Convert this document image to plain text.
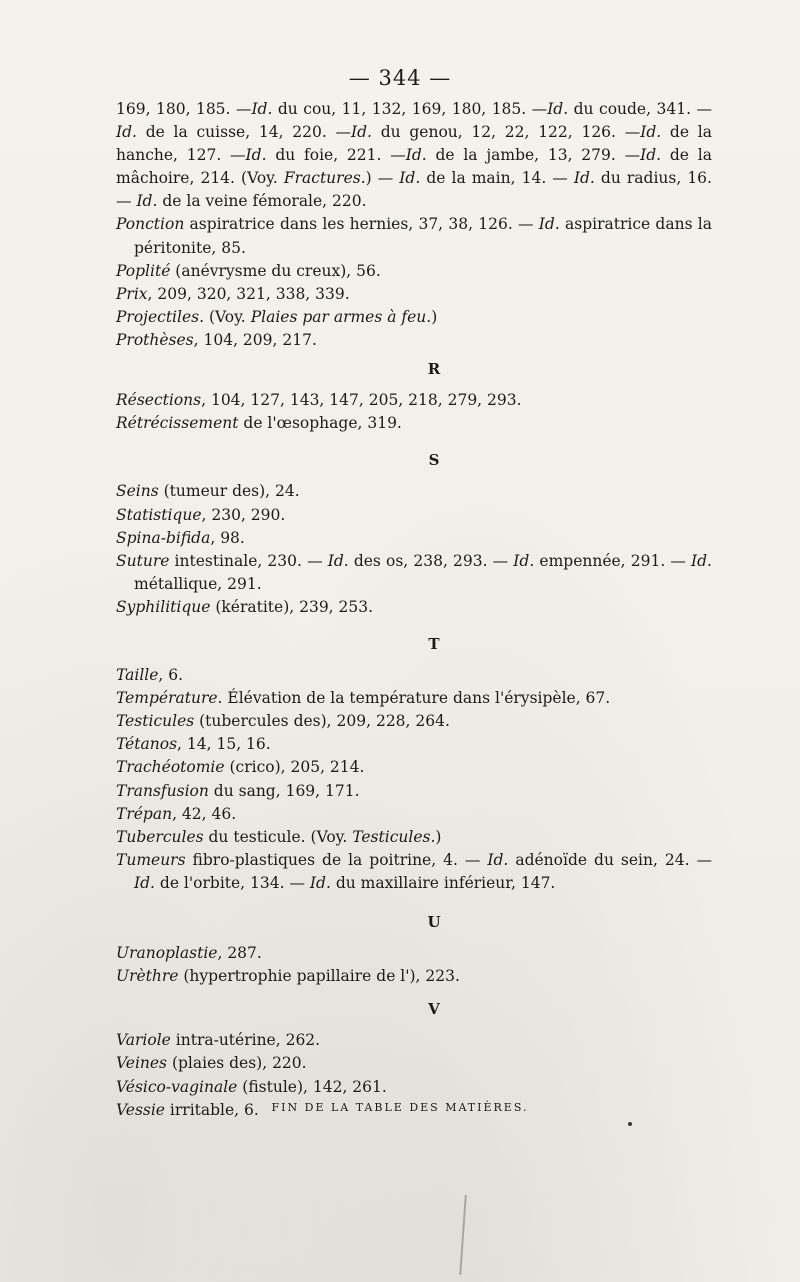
— 344 —

169, 180, 185. —Id. du cou, 11, 132, 169, 180, 185. —Id. du coude, 341. —Id. de la cuisse, 14, 220. —Id. du genou, 12, 22, 122, 126. —Id. de la hanche, 127. —Id. du foie, 221. —Id. de la jambe, 13, 279. —Id. de la mâchoire, 214. (Voy. Fractures.) — Id. de la main, 14. — Id. du radius, 16. — Id. de la veine fémorale, 220.

Ponction aspiratrice dans les hernies, 37, 38, 126. — Id. aspiratrice dans la péritonite, 85.

Poplité (anévrysme du creux), 56.

Prix, 209, 320, 321, 338, 339.

Projectiles. (Voy. Plaies par armes à feu.)

Prothèses, 104, 209, 217.

R

Résections, 104, 127, 143, 147, 205, 218, 279, 293.

Rétrécissement de l'œsophage, 319.

S

Seins (tumeur des), 24.

Statistique, 230, 290.

Spina-bifida, 98.

Suture intestinale, 230. — Id. des os, 238, 293. — Id. empennée, 291. — Id. métallique, 291.

Syphilitique (kératite), 239, 253.

T

Taille, 6.

Température. Élévation de la température dans l'érysipèle, 67.

Testicules (tubercules des), 209, 228, 264.

Tétanos, 14, 15, 16.

Trachéotomie (crico), 205, 214.

Transfusion du sang, 169, 171.

Trépan, 42, 46.

Tubercules du testicule. (Voy. Testicules.)

Tumeurs fibro-plastiques de la poitrine, 4. — Id. adénoïde du sein, 24. — Id. de l'orbite, 134. — Id. du maxillaire inférieur, 147.

U

Uranoplastie, 287.

Urèthre (hypertrophie papillaire de l'), 223.

V

Variole intra-utérine, 262.

Veines (plaies des), 220.

Vésico-vaginale (fistule), 142, 261.

Vessie irritable, 6.	FIN DE LA TABLE DES MATIÈRES.
